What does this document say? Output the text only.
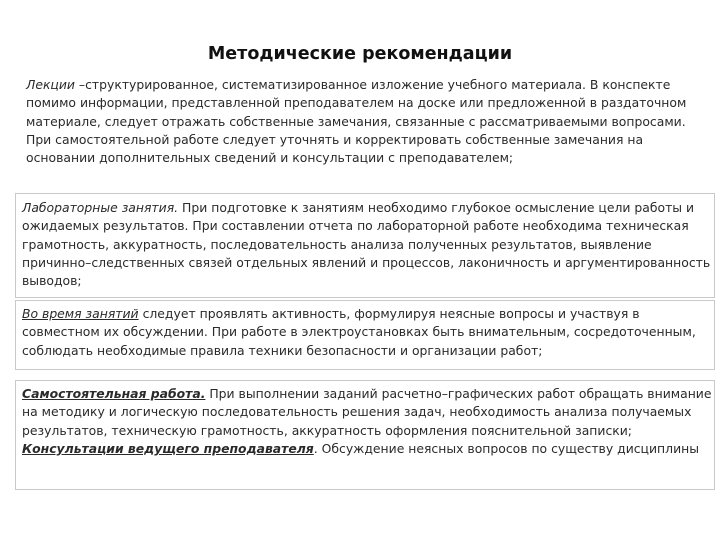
Методические рекомендации

Лекции –структурированное, систематизированное изложение учебного материала. В конспекте помимо информации, представленной преподавателем на доске или предложенной в раздаточном материале, следует отражать собственные замечания, связанные с рассматриваемыми вопросами. При самостоятельной работе следует уточнять и корректировать собственные замечания на основании дополнительных сведений и консультации с преподавателем;

Лабораторные занятия. При подготовке к занятиям необходимо глубокое осмысление цели работы и ожидаемых результатов. При составлении отчета по лабораторной работе необходима техническая грамотность, аккуратность, последовательность анализа полученных результатов, выявление причинно–следственных связей отдельных явлений и процессов, лаконичность и аргументированность выводов;

Во время занятий следует проявлять активность, формулируя неясные вопросы и участвуя в совместном их обсуждении. При работе в электроустановках быть внимательным, сосредоточенным, соблюдать необходимые правила техники безопасности и организации работ;

Самостоятельная работа. При выполнении заданий расчетно–графических работ обращать внимание на методику и логическую последовательность решения задач, необходимость анализа получаемых результатов, техническую грамотность, аккуратность оформления пояснительной записки;

Консультации ведущего преподавателя. Обсуждение неясных вопросов по существу дисциплины
